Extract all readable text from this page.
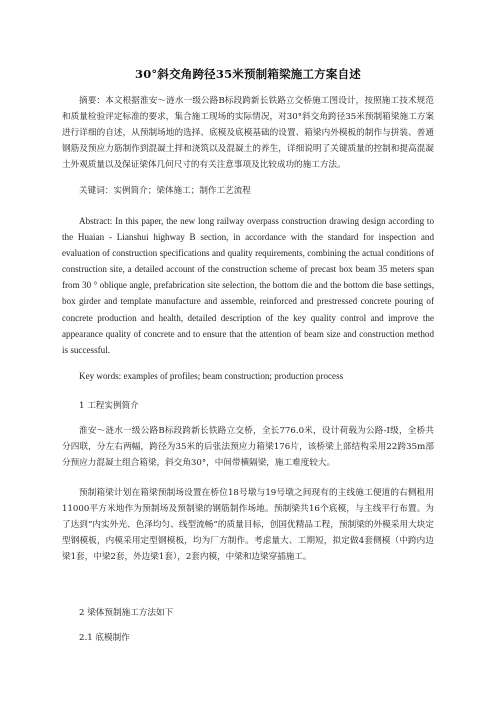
30°斜交角跨径35米预制箱梁施工方案自述

摘要：本文根据淮安～涟水一级公路B标段跨新长铁路立交桥施工图设计，按照施工技术规范和质量检验评定标准的要求，集合施工现场的实际情况，对30°斜交角跨径35米预制箱梁施工方案进行详细的自述，从预制场地的选择、底模及底模基础的设置、箱梁内外模板的制作与拼装、普通钢筋及预应力筋制作到混凝土拌和浇筑以及混凝土的养生，详细说明了关键质量的控制和提高混凝土外观质量以及保证梁体几何尺寸的有关注意事项及比较成功的施工方法。

关键词：实例简介；梁体施工；制作工艺流程

Abstract: In this paper, the new long railway overpass construction drawing design according to the Huaian - Lianshui highway B section, in accordance with the standard for inspection and evaluation of construction specifications and quality requirements, combining the actual conditions of construction site, a detailed account of the construction scheme of precast box beam 35 meters span from 30 ° oblique angle, prefabrication site selection, the bottom die and the bottom die base settings, box girder and template manufacture and assemble, reinforced and prestressed concrete pouring of concrete production and health, detailed description of the key quality control and improve the appearance quality of concrete and to ensure that the attention of beam size and construction method is successful.

Key words: examples of profiles; beam construction; production process

1 工程实例简介

淮安～涟水一级公路B标段跨新长铁路立交桥，全长776.0米，设计荷载为公路-I级，全桥共分四联，分左右两幅，跨径为35米的后张法预应力箱梁176片，该桥梁上部结构采用22跨35m部分预应力混凝土组合箱梁，斜交角30°，中间带横隔梁，施工难度较大。

预制箱梁计划在箱梁预制场设置在桥位18号墩与19号墩之间现有的主线施工便道的右侧租用11000平方米地作为预制场及预制梁的钢筋制作场地。预制梁共16个底模，与主线平行布置。为了达到“内实外光、色泽均匀、线型流畅”的质量目标，创国优精品工程，预制梁的外模采用大块定型钢模板，内模采用定型钢模板，均为厂方制作。考虑量大、工期短，拟定做4套侧模（中跨内边梁1套，中梁2套，外边梁1套），2套内模，中梁和边梁穿插施工。

2 梁体预制施工方法如下

2.1 底模制作
